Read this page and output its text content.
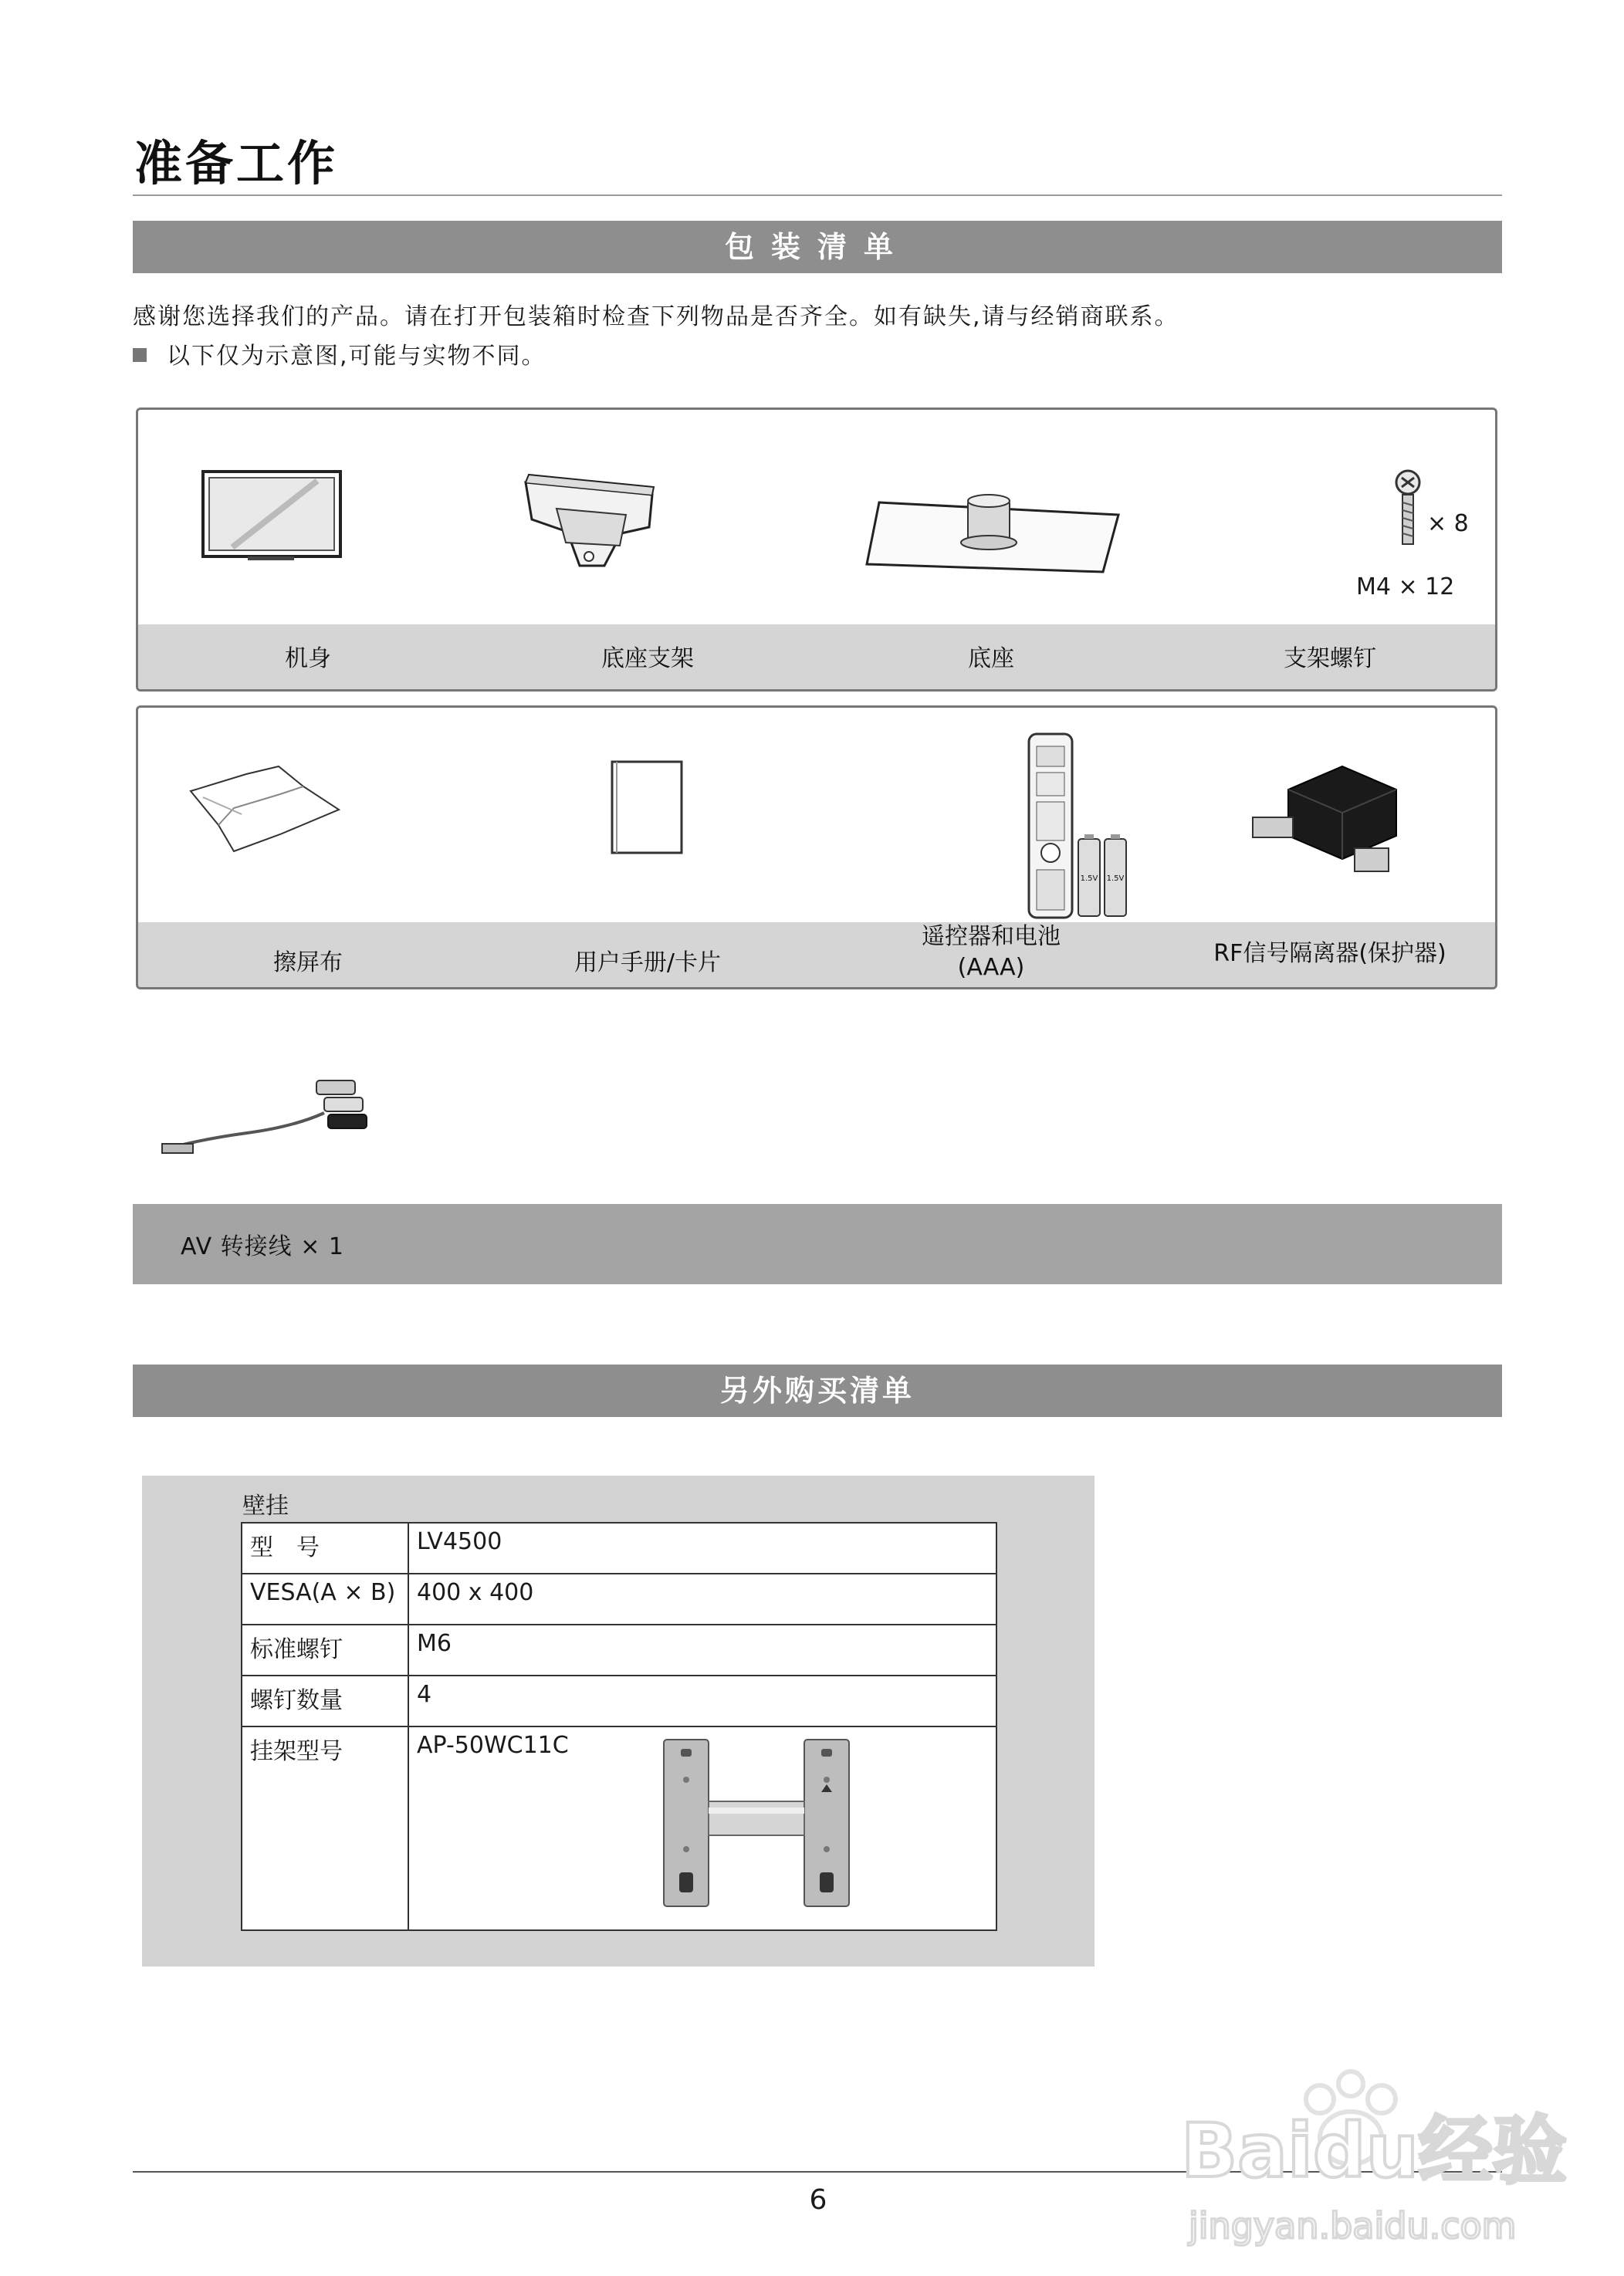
准备工作
包装清单
感谢您选择我们的产品。请在打开包装箱时检查下列物品是否齐全。如有缺失,请与经销商联系。
以下仅为示意图,可能与实物不同。
机身	底座支架	底座
× 8
M4 × 12
支架螺钉
擦屏布	用户手册/卡片
1.5V 1.5V
遥控器和电池
(AAA)
RF信号隔离器(保护器)
AV 转接线 × 1
另外购买清单
壁挂
型　号	LV4500
VESA(A × B)	400 x 400
标准螺钉	M6
螺钉数量	4
挂架型号	AP-50WC11C
6
Baidu经验
jingyan.baidu.com
